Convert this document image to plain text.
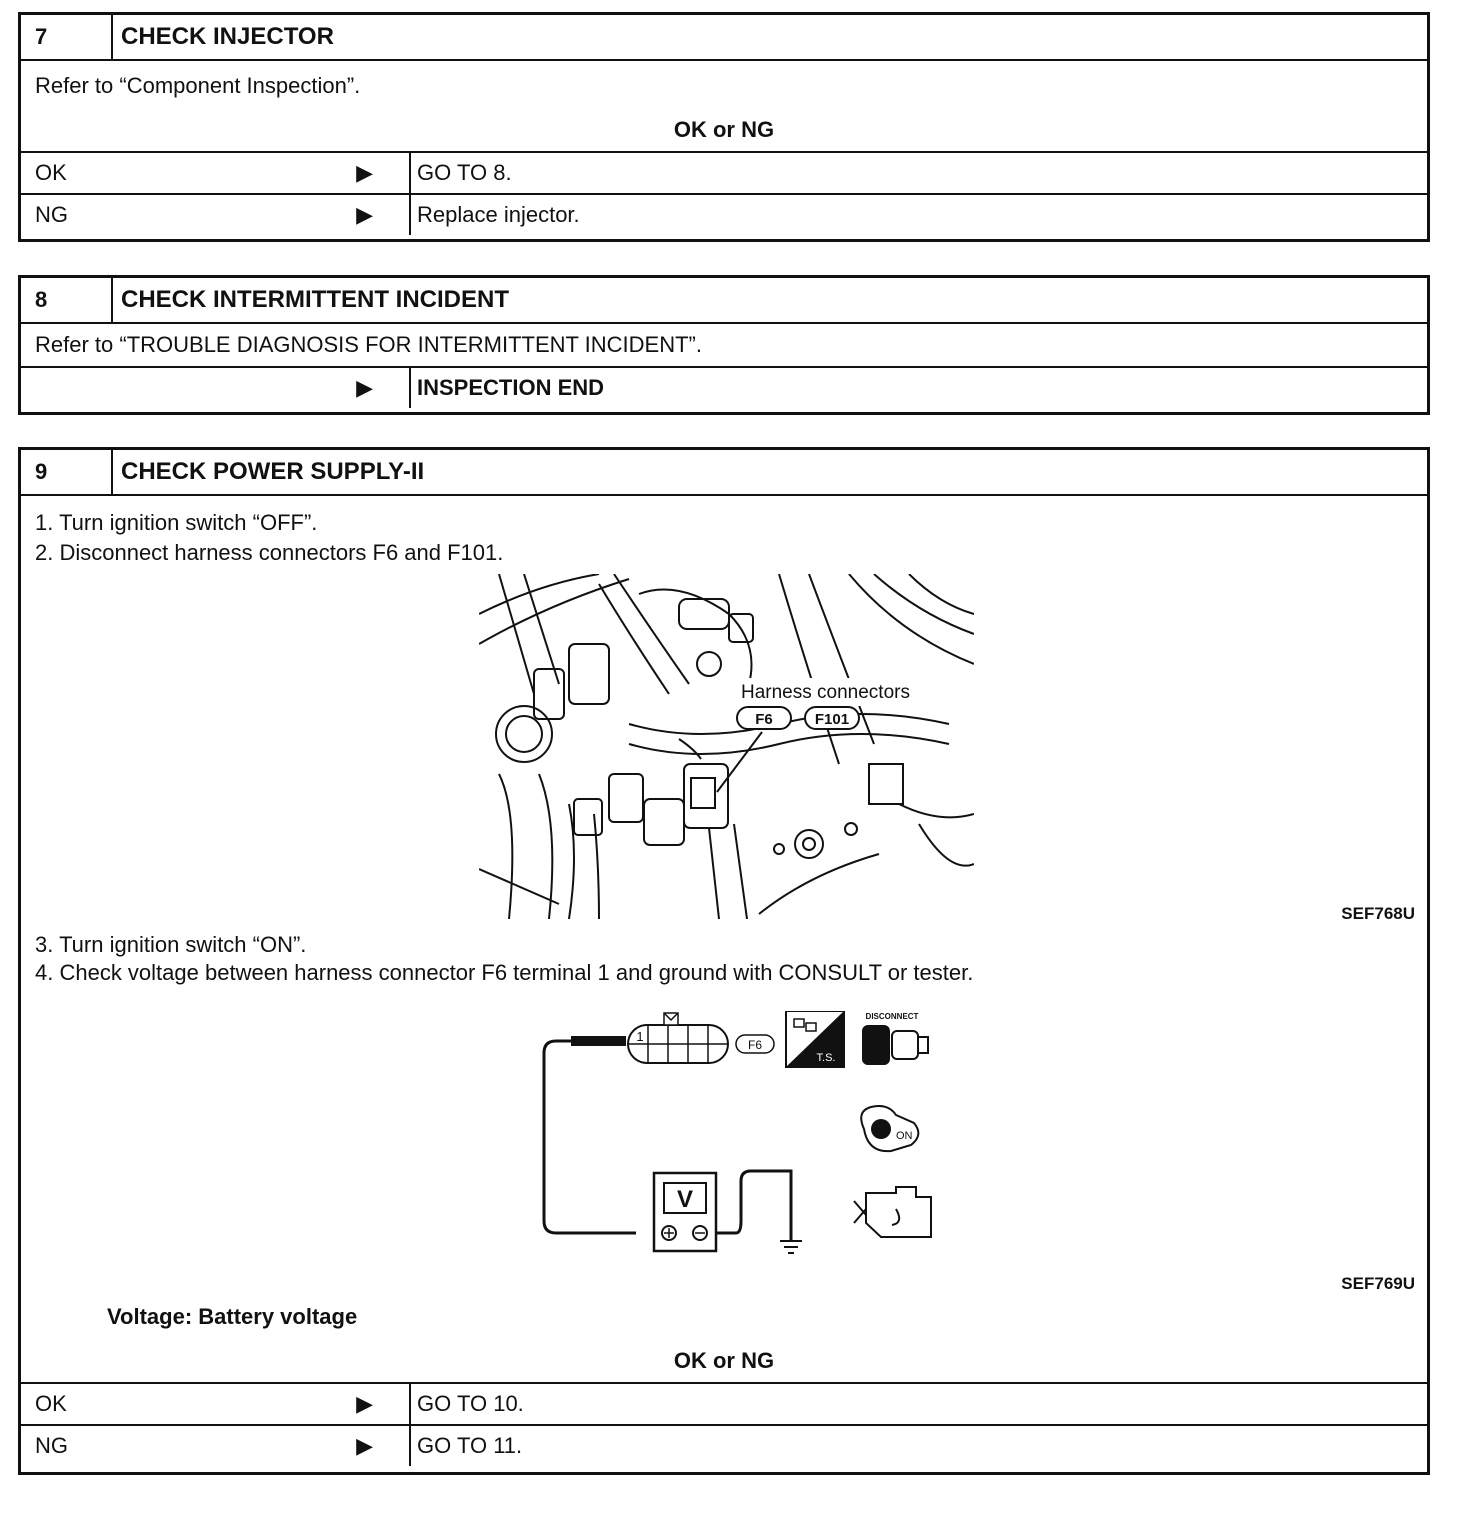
7	CHECK INJECTOR
Refer to “Component Inspection”.
OK or NG
OK	▶ GO TO 8.
NG	▶ Replace injector.
8	CHECK INTERMITTENT INCIDENT
Refer to “TROUBLE DIAGNOSIS FOR INTERMITTENT INCIDENT”.
▶ INSPECTION END
9	CHECK POWER SUPPLY-II
1. Turn ignition switch “OFF”.
2. Disconnect harness connectors F6 and F101.
Harness connectors
F6	F101
SEF768U
3. Turn ignition switch “ON”.
4. Check voltage between harness connector F6 terminal 1 and ground with CONSULT or tester.
1
F6
T.S.
DISCONNECT
ON
V
SEF769U
Voltage: Battery voltage
OK or NG
OK	▶ GO TO 10.
NG	▶ GO TO 11.
